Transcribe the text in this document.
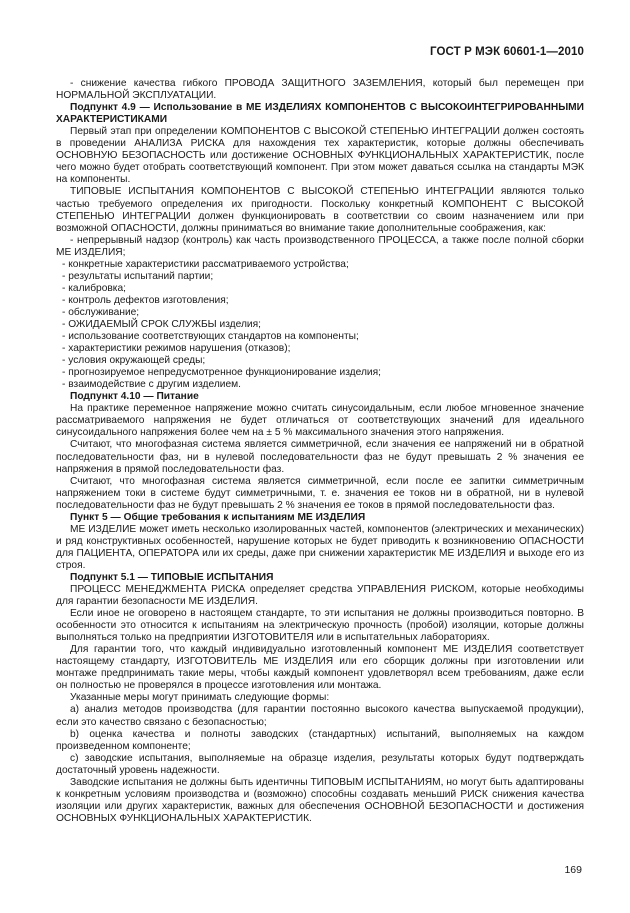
ГОСТ Р МЭК 60601-1—2010

- снижение качества гибкого ПРОВОДА ЗАЩИТНОГО ЗАЗЕМЛЕНИЯ, который был перемещен при НОРМАЛЬНОЙ ЭКСПЛУАТАЦИИ.

Подпункт 4.9 — Использование в МЕ ИЗДЕЛИЯХ КОМПОНЕНТОВ С ВЫСОКОИНТЕГРИРОВАННЫМИ ХАРАКТЕРИСТИКАМИ

Первый этап при определении КОМПОНЕНТОВ С ВЫСОКОЙ СТЕПЕНЬЮ ИНТЕГРАЦИИ должен состоять в проведении АНАЛИЗА РИСКА для нахождения тех характеристик, которые должны обеспечивать ОСНОВНУЮ БЕЗОПАСНОСТЬ или достижение ОСНОВНЫХ ФУНКЦИОНАЛЬНЫХ ХАРАКТЕРИСТИК, после чего можно будет отобрать соответствующий компонент. При этом может даваться ссылка на стандарты МЭК на компоненты.

ТИПОВЫЕ ИСПЫТАНИЯ КОМПОНЕНТОВ С ВЫСОКОЙ СТЕПЕНЬЮ ИНТЕГРАЦИИ являются только частью требуемого определения их пригодности. Поскольку конкретный КОМПОНЕНТ С ВЫСОКОЙ СТЕПЕНЬЮ ИНТЕГРАЦИИ должен функционировать в соответствии со своим назначением или при возможной ОПАСНОСТИ, должны приниматься во внимание такие дополнительные соображения, как:

- непрерывный надзор (контроль) как часть производственного ПРОЦЕССА, а также после полной сборки МЕ ИЗДЕЛИЯ;

- конкретные характеристики рассматриваемого устройства;

- результаты испытаний партии;

- калибровка;

- контроль дефектов изготовления;

- обслуживание;

- ОЖИДАЕМЫЙ СРОК СЛУЖБЫ изделия;

- использование соответствующих стандартов на компоненты;

- характеристики режимов нарушения (отказов);

- условия окружающей среды;

- прогнозируемое непредусмотренное функционирование изделия;

- взаимодействие с другим изделием.

Подпункт 4.10 — Питание

На практике переменное напряжение можно считать синусоидальным, если любое мгновенное значение рассматриваемого напряжения не будет отличаться от соответствующих значений для идеального синусоидального напряжения более чем на ± 5 % максимального значения этого напряжения.

Считают, что многофазная система является симметричной, если значения ее напряжений ни в обратной последовательности фаз, ни в нулевой последовательности фаз не будут превышать 2 % значения ее напряжения в прямой последовательности фаз.

Считают, что многофазная система является симметричной, если после ее запитки симметричным напряжением токи в системе будут симметричными, т. е. значения ее токов ни в обратной, ни в нулевой последовательности фаз не будут превышать 2 % значения ее токов в прямой последовательности фаз.

Пункт 5 — Общие требования к испытаниям МЕ ИЗДЕЛИЯ

МЕ ИЗДЕЛИЕ может иметь несколько изолированных частей, компонентов (электрических и механических) и ряд конструктивных особенностей, нарушение которых не будет приводить к возникновению ОПАСНОСТИ для ПАЦИЕНТА, ОПЕРАТОРА или их среды, даже при снижении характеристик МЕ ИЗДЕЛИЯ и выходе его из строя.

Подпункт 5.1 — ТИПОВЫЕ ИСПЫТАНИЯ

ПРОЦЕСС МЕНЕДЖМЕНТА РИСКА определяет средства УПРАВЛЕНИЯ РИСКОМ, которые необходимы для гарантии безопасности МЕ ИЗДЕЛИЯ.

Если иное не оговорено в настоящем стандарте, то эти испытания не должны производиться повторно. В особенности это относится к испытаниям на электрическую прочность (пробой) изоляции, которые должны выполняться только на предприятии ИЗГОТОВИТЕЛЯ или в испытательных лабораториях.

Для гарантии того, что каждый индивидуально изготовленный компонент МЕ ИЗДЕЛИЯ соответствует настоящему стандарту, ИЗГОТОВИТЕЛЬ МЕ ИЗДЕЛИЯ или его сборщик должны при изготовлении или монтаже предпринимать такие меры, чтобы каждый компонент удовлетворял всем требованиям, даже если он полностью не проверялся в процессе изготовления или монтажа.

Указанные меры могут принимать следующие формы:

а) анализ методов производства (для гарантии постоянно высокого качества выпускаемой продукции), если это качество связано с безопасностью;

b) оценка качества и полноты заводских (стандартных) испытаний, выполняемых на каждом произведенном компоненте;

с) заводские испытания, выполняемые на образце изделия, результаты которых будут подтверждать достаточный уровень надежности.

Заводские испытания не должны быть идентичны ТИПОВЫМ ИСПЫТАНИЯМ, но могут быть адаптированы к конкретным условиям производства и (возможно) способны создавать меньший РИСК снижения качества изоляции или других характеристик, важных для обеспечения ОСНОВНОЙ БЕЗОПАСНОСТИ и достижения ОСНОВНЫХ ФУНКЦИОНАЛЬНЫХ ХАРАКТЕРИСТИК.

169
